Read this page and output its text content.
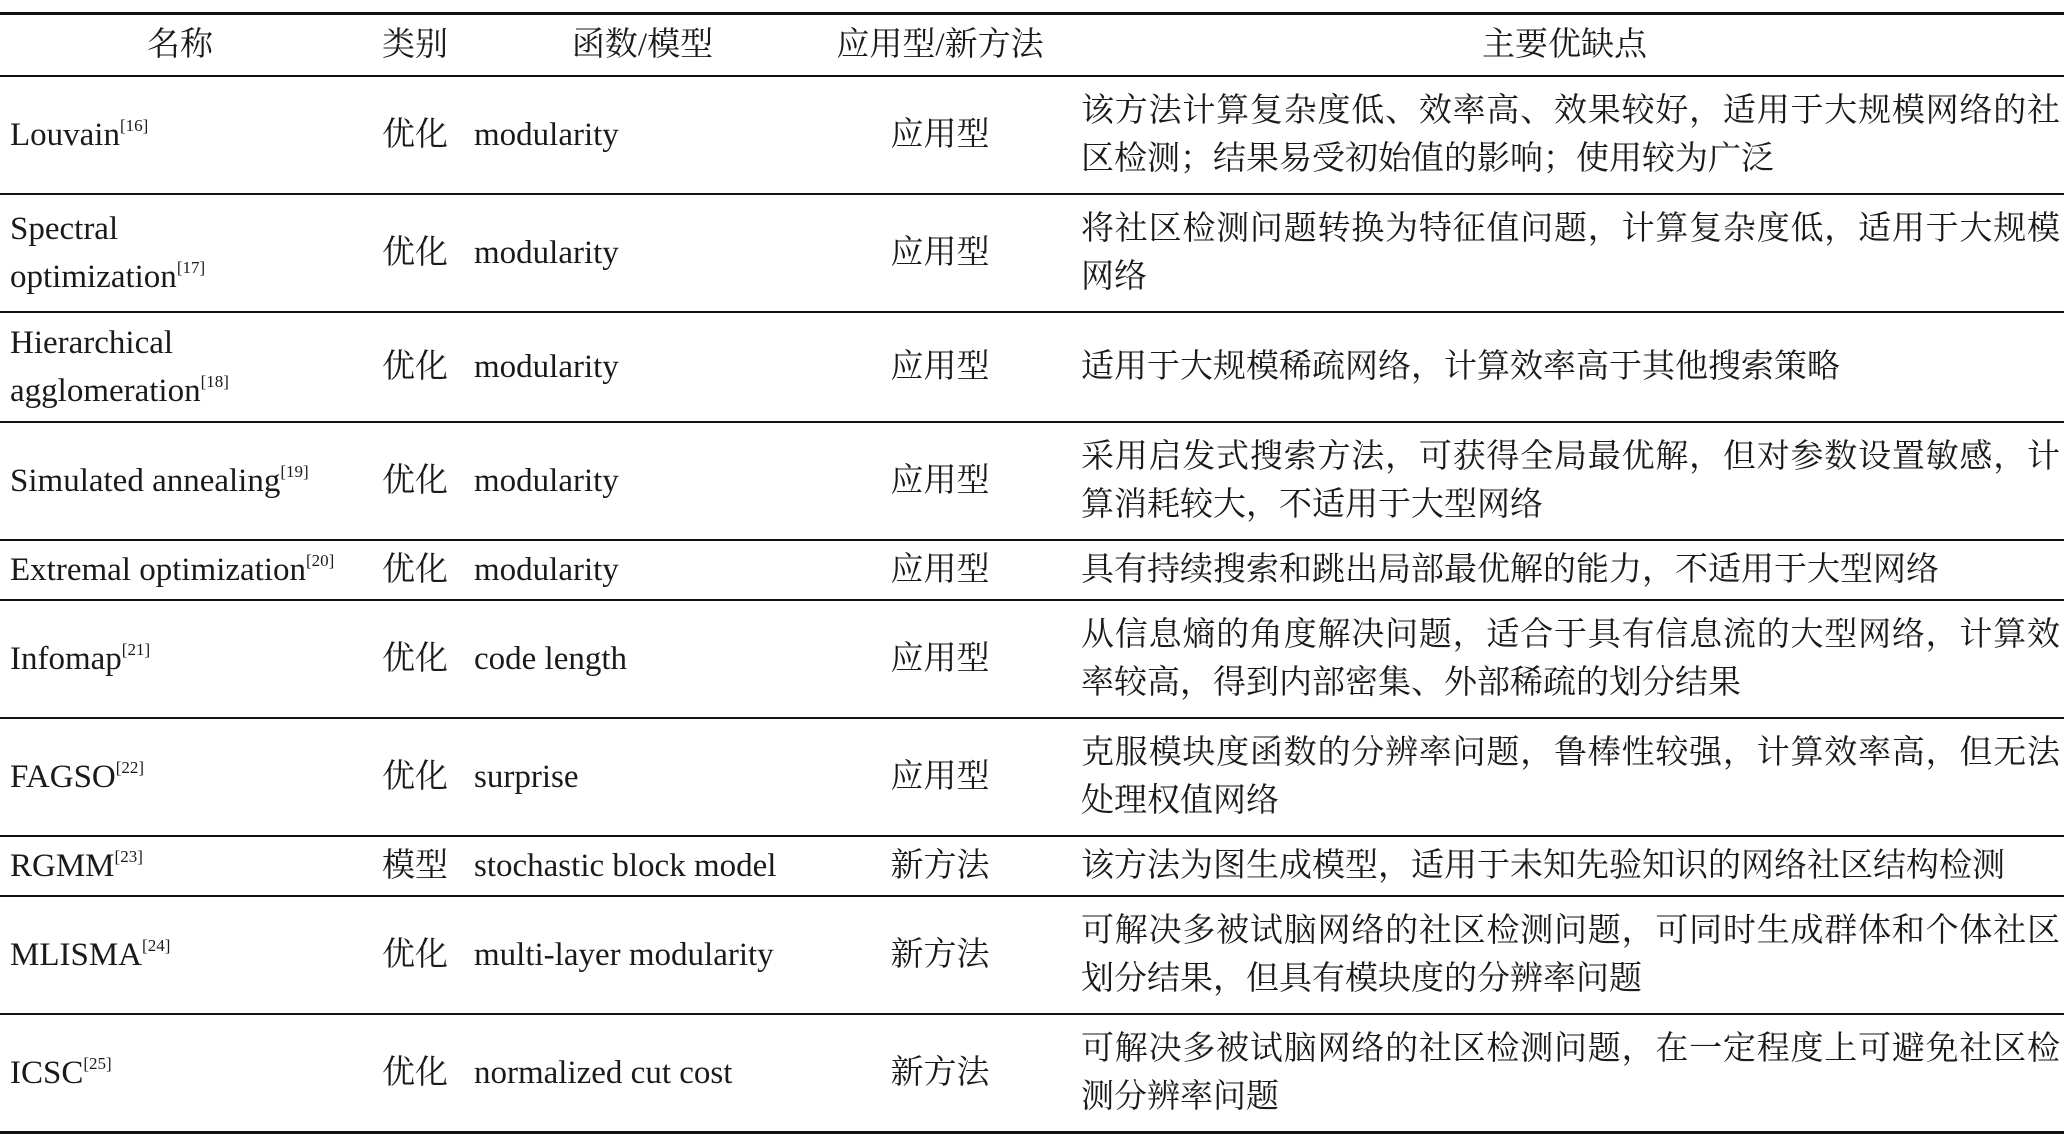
名称	类别	函数/模型	应用型/新方法	主要优缺点

Louvain[16]	优化	modularity	应用型	该方法计算复杂度低、效率高、效果较好，适用于大规模网络的社区检测；结果易受初始值的影响；使用较为广泛

Spectral
optimization[17]	优化	modularity	应用型	将社区检测问题转换为特征值问题，计算复杂度低，适用于大规模网络

Hierarchical
agglomeration[18]	优化	modularity	应用型	适用于大规模稀疏网络，计算效率高于其他搜索策略

Simulated annealing[19]	优化	modularity	应用型	采用启发式搜索方法，可获得全局最优解，但对参数设置敏感，计算消耗较大，不适用于大型网络

Extremal optimization[20]	优化	modularity	应用型	具有持续搜索和跳出局部最优解的能力，不适用于大型网络

Infomap[21]	优化	code length	应用型	从信息熵的角度解决问题，适合于具有信息流的大型网络，计算效率较高，得到内部密集、外部稀疏的划分结果

FAGSO[22]	优化	surprise	应用型	克服模块度函数的分辨率问题，鲁棒性较强，计算效率高，但无法处理权值网络

RGMM[23]	模型	stochastic block model	新方法	该方法为图生成模型，适用于未知先验知识的网络社区结构检测

MLISMA[24]	优化	multi-layer modularity	新方法	可解决多被试脑网络的社区检测问题，可同时生成群体和个体社区划分结果，但具有模块度的分辨率问题

ICSC[25]	优化	normalized cut cost	新方法	可解决多被试脑网络的社区检测问题，在一定程度上可避免社区检测分辨率问题
